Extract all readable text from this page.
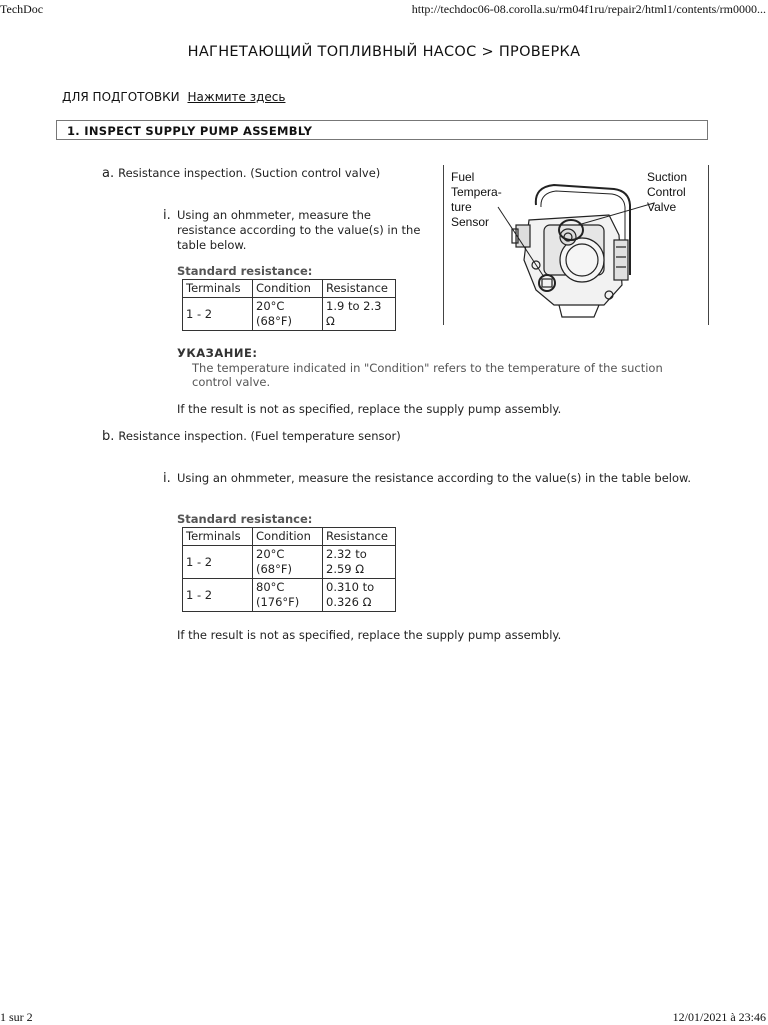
TechDoc	http://techdoc06-08.corolla.su/rm04f1ru/repair2/html1/contents/rm0000...
НАГНЕТАЮЩИЙ ТОПЛИВНЫЙ НАСОС > ПРОВЕРКА
ДЛЯ ПОДГОТОВКИ Нажмите здесь
1. INSPECT SUPPLY PUMP ASSEMBLY
a. Resistance inspection. (Suction control valve)
i. Using an ohmmeter, measure the resistance according to the value(s) in the table below.
Standard resistance:
Terminals	Condition	Resistance
1 - 2	20°C (68°F)	1.9 to 2.3 Ω
УКАЗАНИЕ:
The temperature indicated in "Condition" refers to the temperature of the suction control valve.
If the result is not as specified, replace the supply pump assembly.
Fuel
Tempera-
ture
Sensor
Suction
Control
Valve
b. Resistance inspection. (Fuel temperature sensor)
i. Using an ohmmeter, measure the resistance according to the value(s) in the table below.
Standard resistance:
Terminals	Condition	Resistance
1 - 2	20°C (68°F)	2.32 to 2.59 Ω
1 - 2	80°C (176°F)	0.310 to 0.326 Ω
If the result is not as specified, replace the supply pump assembly.
1 sur 2	12/01/2021 à 23:46
